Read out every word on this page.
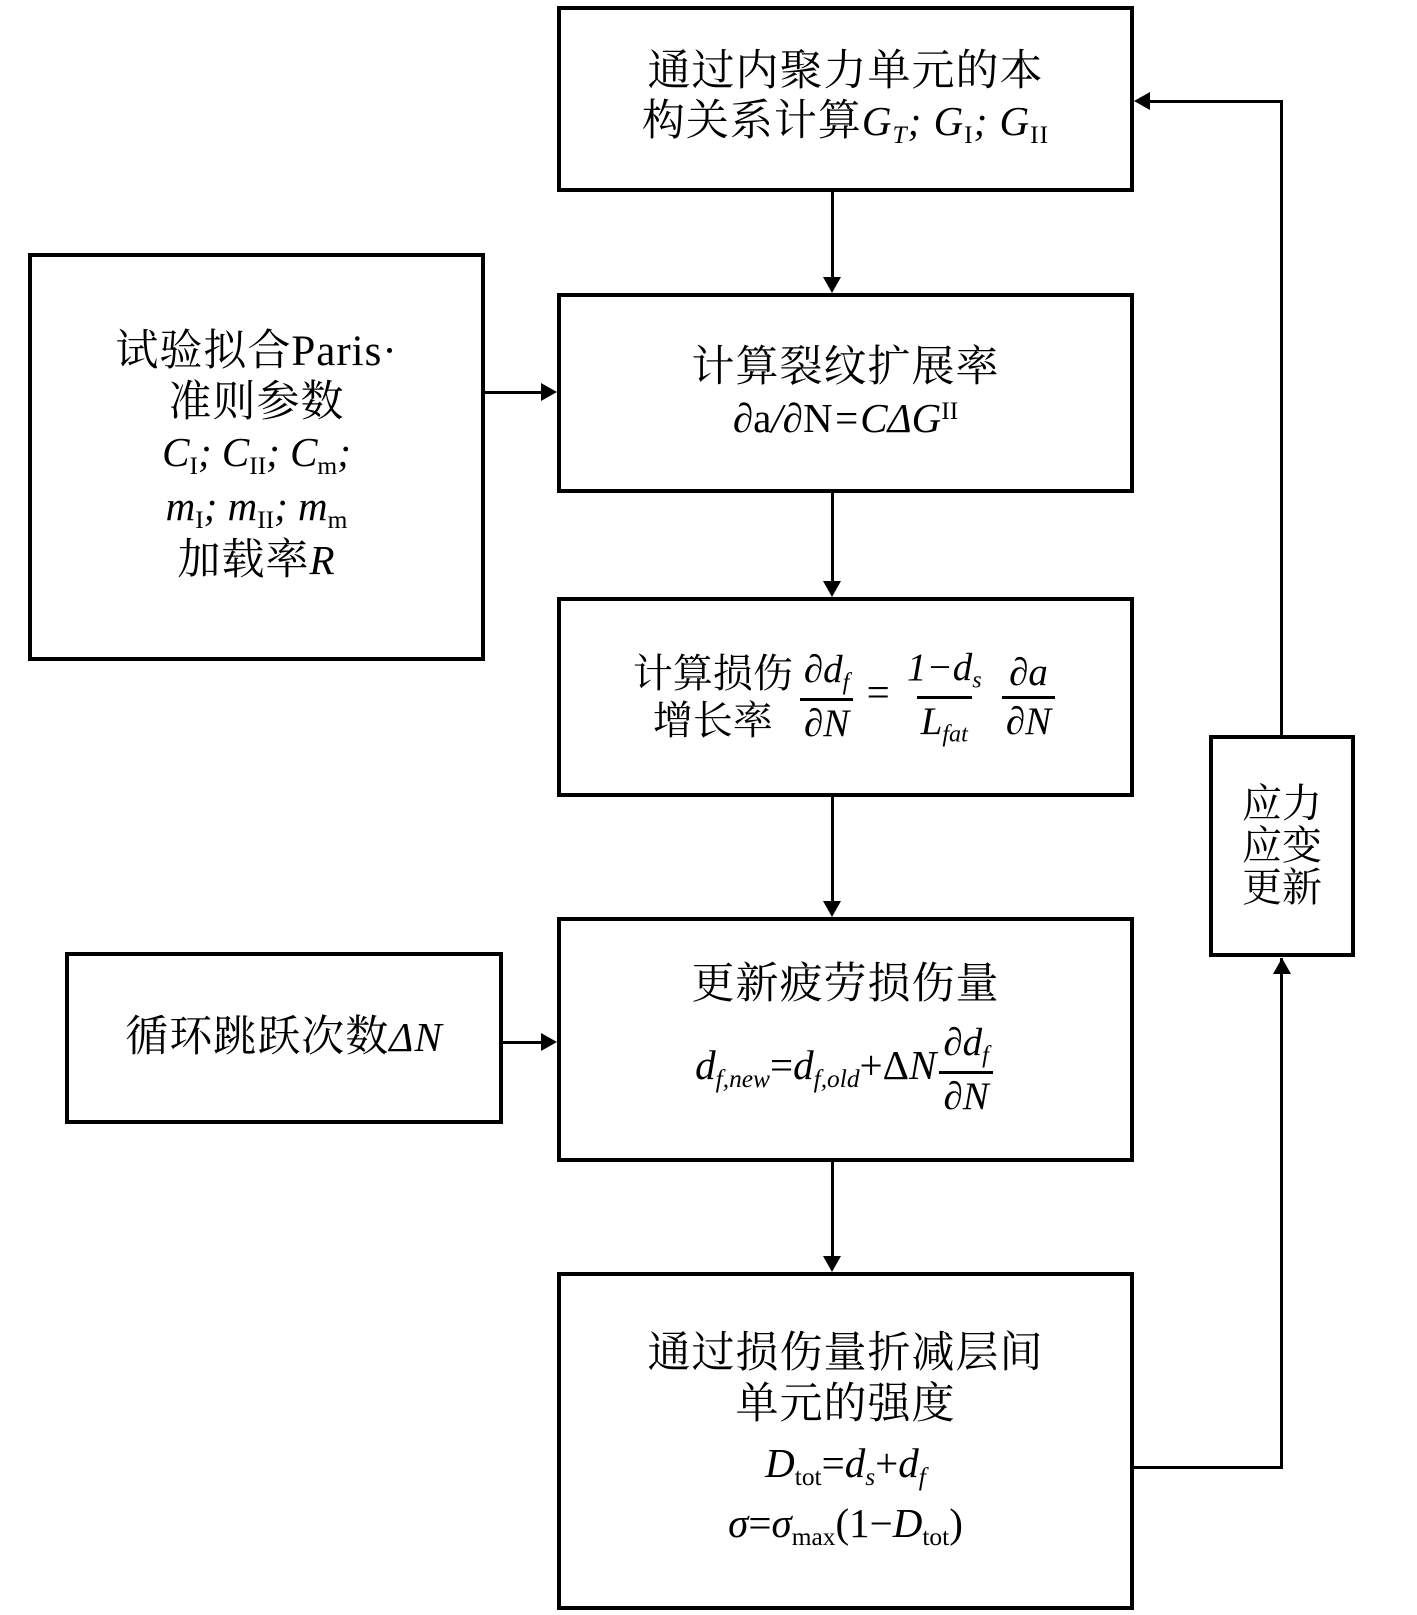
通过内聚力单元的本
构关系计算$G_T$; $G_I$; $G_{II}$
试验拟合Paris·
准则参数
$C_I$; $C_{II}$; $C_m$;
$m_I$; $m_{II}$; $m_m$
加载率R
计算裂纹扩展率
$\partial a/\partial N=C\Delta G^{II}$
计算损伤
增长率 $\frac{\partial d_f}{\partial N} = \frac{1-d_s}{L_{fat}}$
$\frac{\partial a}{\partial N}$
循环跳跃次数ΔN
更新疲劳损伤量
$d_{f,new}=d_{f,old}+\Delta N \frac{\partial d_f}{\partial N}$
通过损伤量折减层间
单元的强度
$D_{tot}=d_s+d_f$
$\sigma=\sigma_{max}(1-D_{tot})$
应力
应变
更新
